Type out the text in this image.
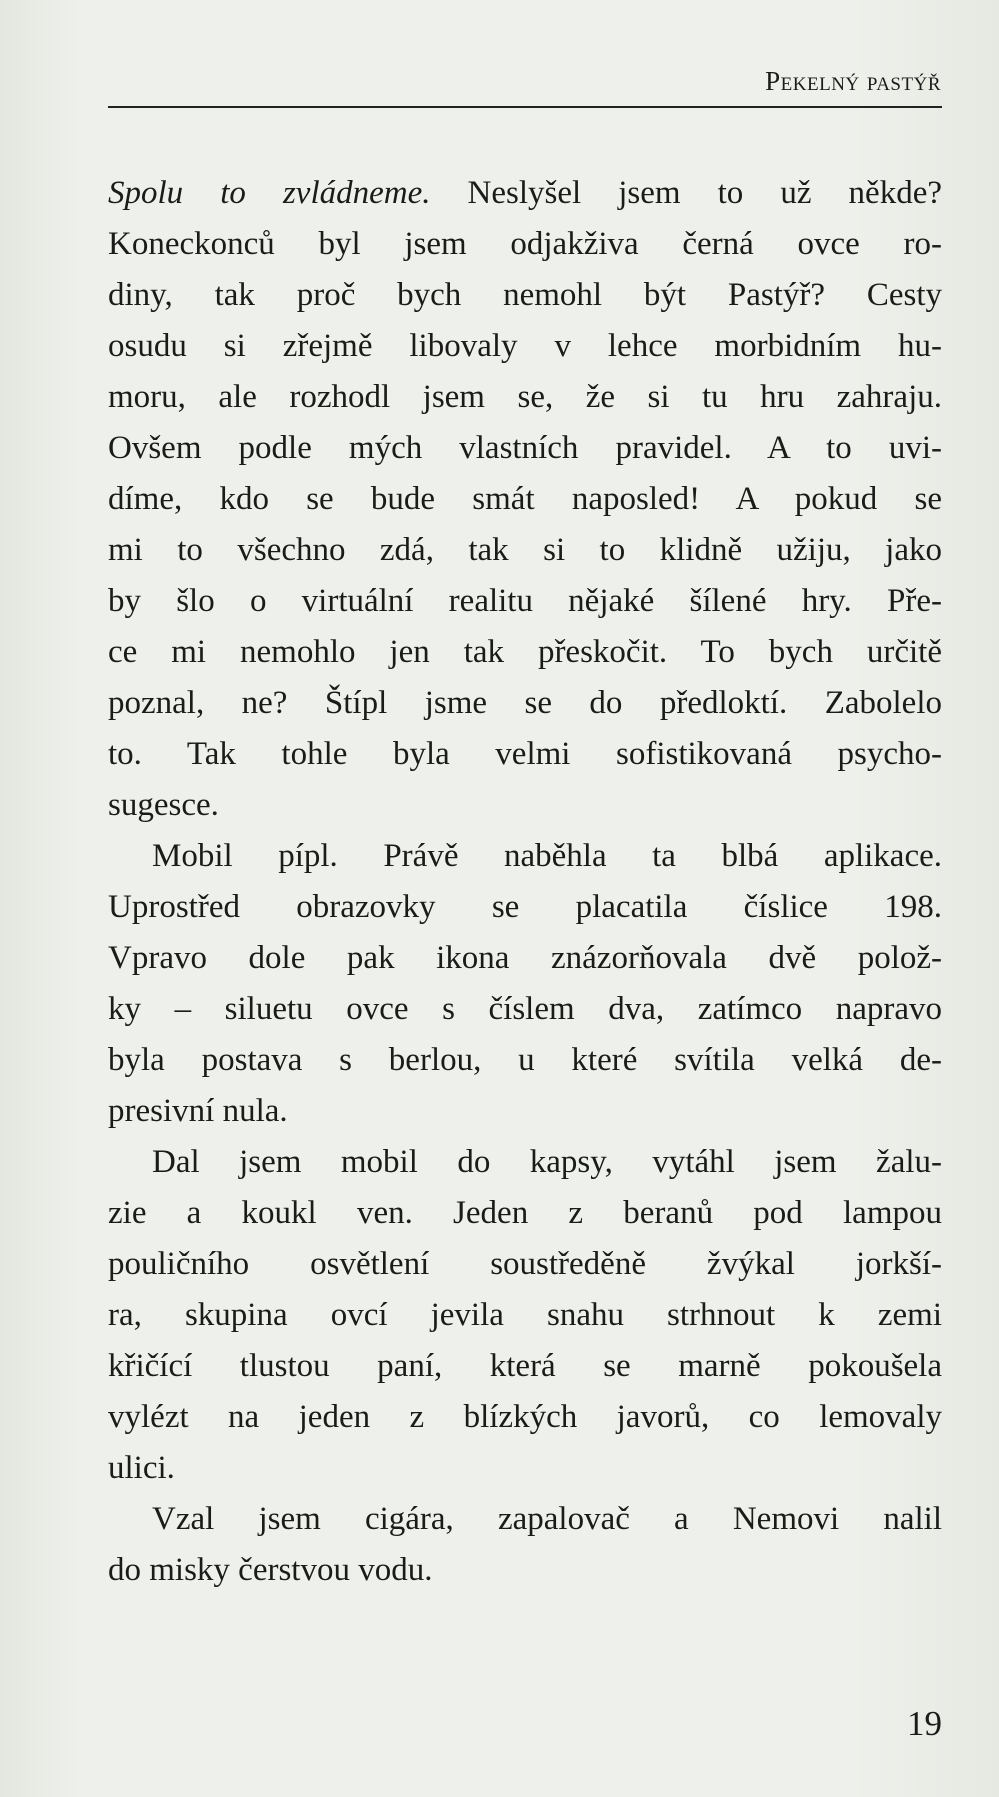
Pekelný pastýř
Spolu to zvládneme. Neslyšel jsem to už někde?
Koneckonců byl jsem odjakživa černá ovce ro-
diny, tak proč bych nemohl být Pastýř? Cesty
osudu si zřejmě libovaly v lehce morbidním hu-
moru, ale rozhodl jsem se, že si tu hru zahraju.
Ovšem podle mých vlastních pravidel. A to uvi-
díme, kdo se bude smát naposled! A pokud se
mi to všechno zdá, tak si to klidně užiju, jako
by šlo o virtuální realitu nějaké šílené hry. Pře-
ce mi nemohlo jen tak přeskočit. To bych určitě
poznal, ne? Štípl jsme se do předloktí. Zabolelo
to. Tak tohle byla velmi sofistikovaná psycho-
sugesce.
Mobil pípl. Právě naběhla ta blbá aplikace.
Uprostřed obrazovky se placatila číslice 198.
Vpravo dole pak ikona znázorňovala dvě polož-
ky – siluetu ovce s číslem dva, zatímco napravo
byla postava s berlou, u které svítila velká de-
presivní nula.
Dal jsem mobil do kapsy, vytáhl jsem žalu-
zie a koukl ven. Jeden z beranů pod lampou
pouličního osvětlení soustředěně žvýkal jorkší-
ra, skupina ovcí jevila snahu strhnout k zemi
křičící tlustou paní, která se marně pokoušela
vylézt na jeden z blízkých javorů, co lemovaly
ulici.
Vzal jsem cigára, zapalovač a Nemovi nalil
do misky čerstvou vodu.
19
